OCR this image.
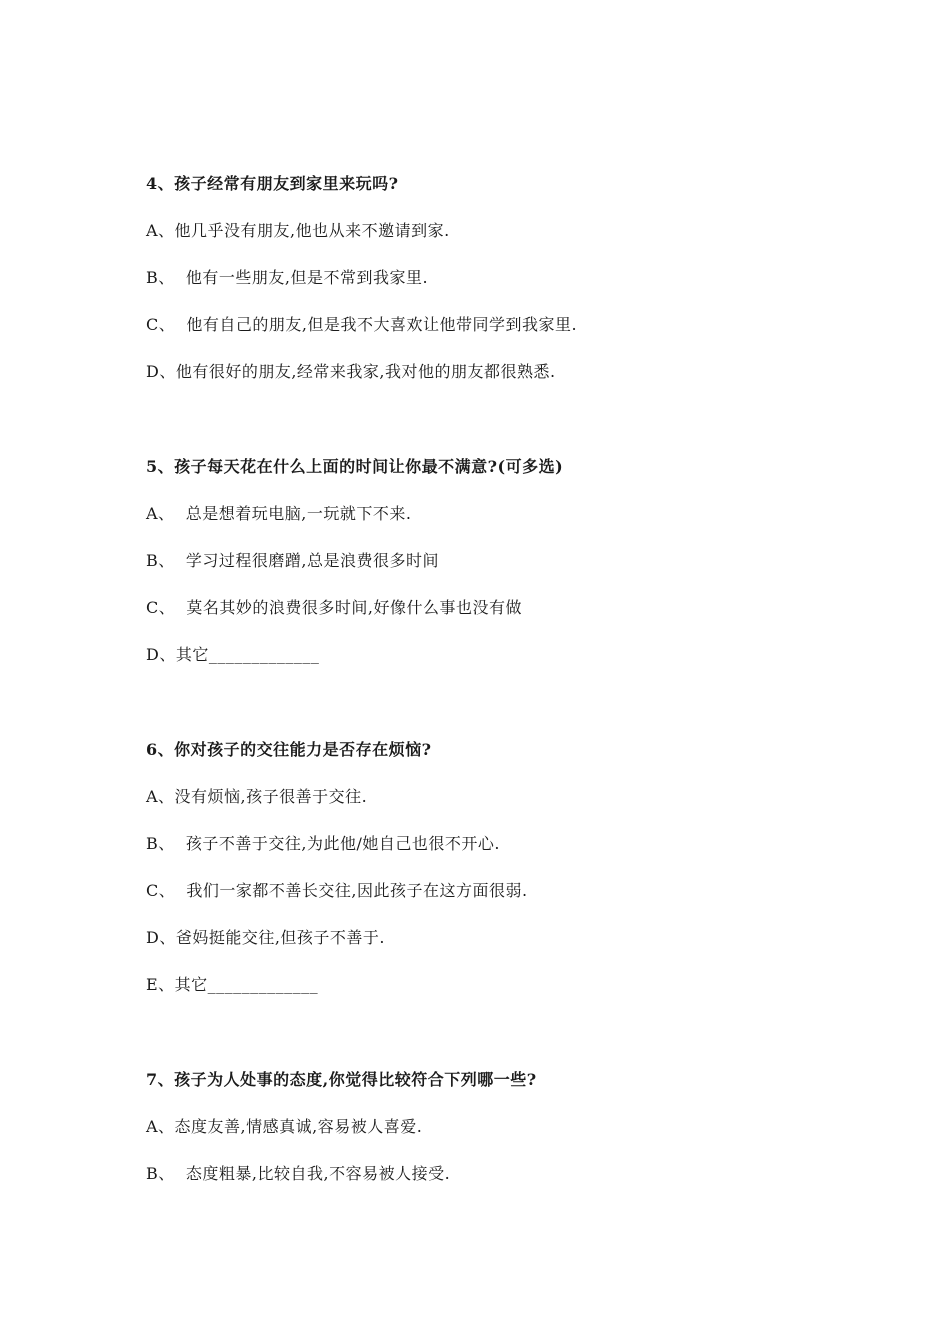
4、孩子经常有朋友到家里来玩吗?
A、他几乎没有朋友,他也从来不邀请到家.
B、  他有一些朋友,但是不常到我家里.
C、  他有自己的朋友,但是我不大喜欢让他带同学到我家里.
D、他有很好的朋友,经常来我家,我对他的朋友都很熟悉.
5、孩子每天花在什么上面的时间让你最不满意?(可多选)
A、  总是想着玩电脑,一玩就下不来.
B、  学习过程很磨蹭,总是浪费很多时间
C、  莫名其妙的浪费很多时间,好像什么事也没有做
D、其它_____________
6、你对孩子的交往能力是否存在烦恼?
A、没有烦恼,孩子很善于交往.
B、  孩子不善于交往,为此他/她自己也很不开心.
C、  我们一家都不善长交往,因此孩子在这方面很弱.
D、爸妈挺能交往,但孩子不善于.
E、其它_____________
7、孩子为人处事的态度,你觉得比较符合下列哪一些?
A、态度友善,情感真诚,容易被人喜爱.
B、  态度粗暴,比较自我,不容易被人接受.
